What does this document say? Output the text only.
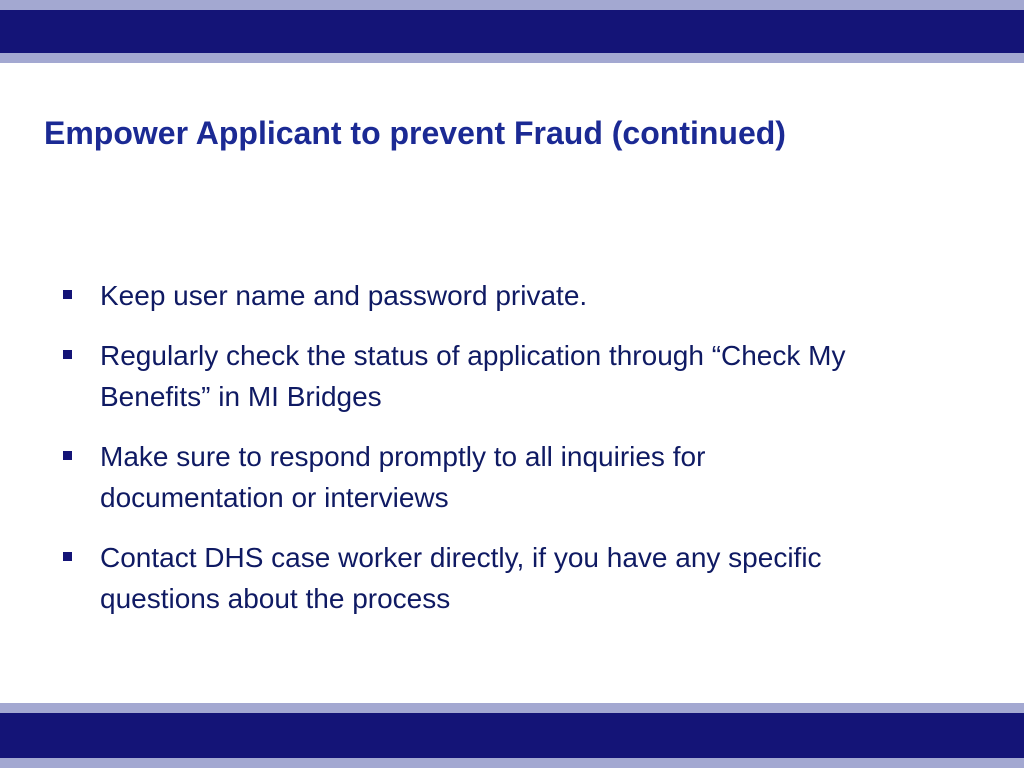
Empower Applicant to prevent Fraud (continued)
Keep user name and password private.
Regularly check the status of application through “Check My Benefits” in MI Bridges
Make sure to respond promptly to all inquiries for documentation or interviews
Contact DHS case worker directly, if you have any specific questions about the process
